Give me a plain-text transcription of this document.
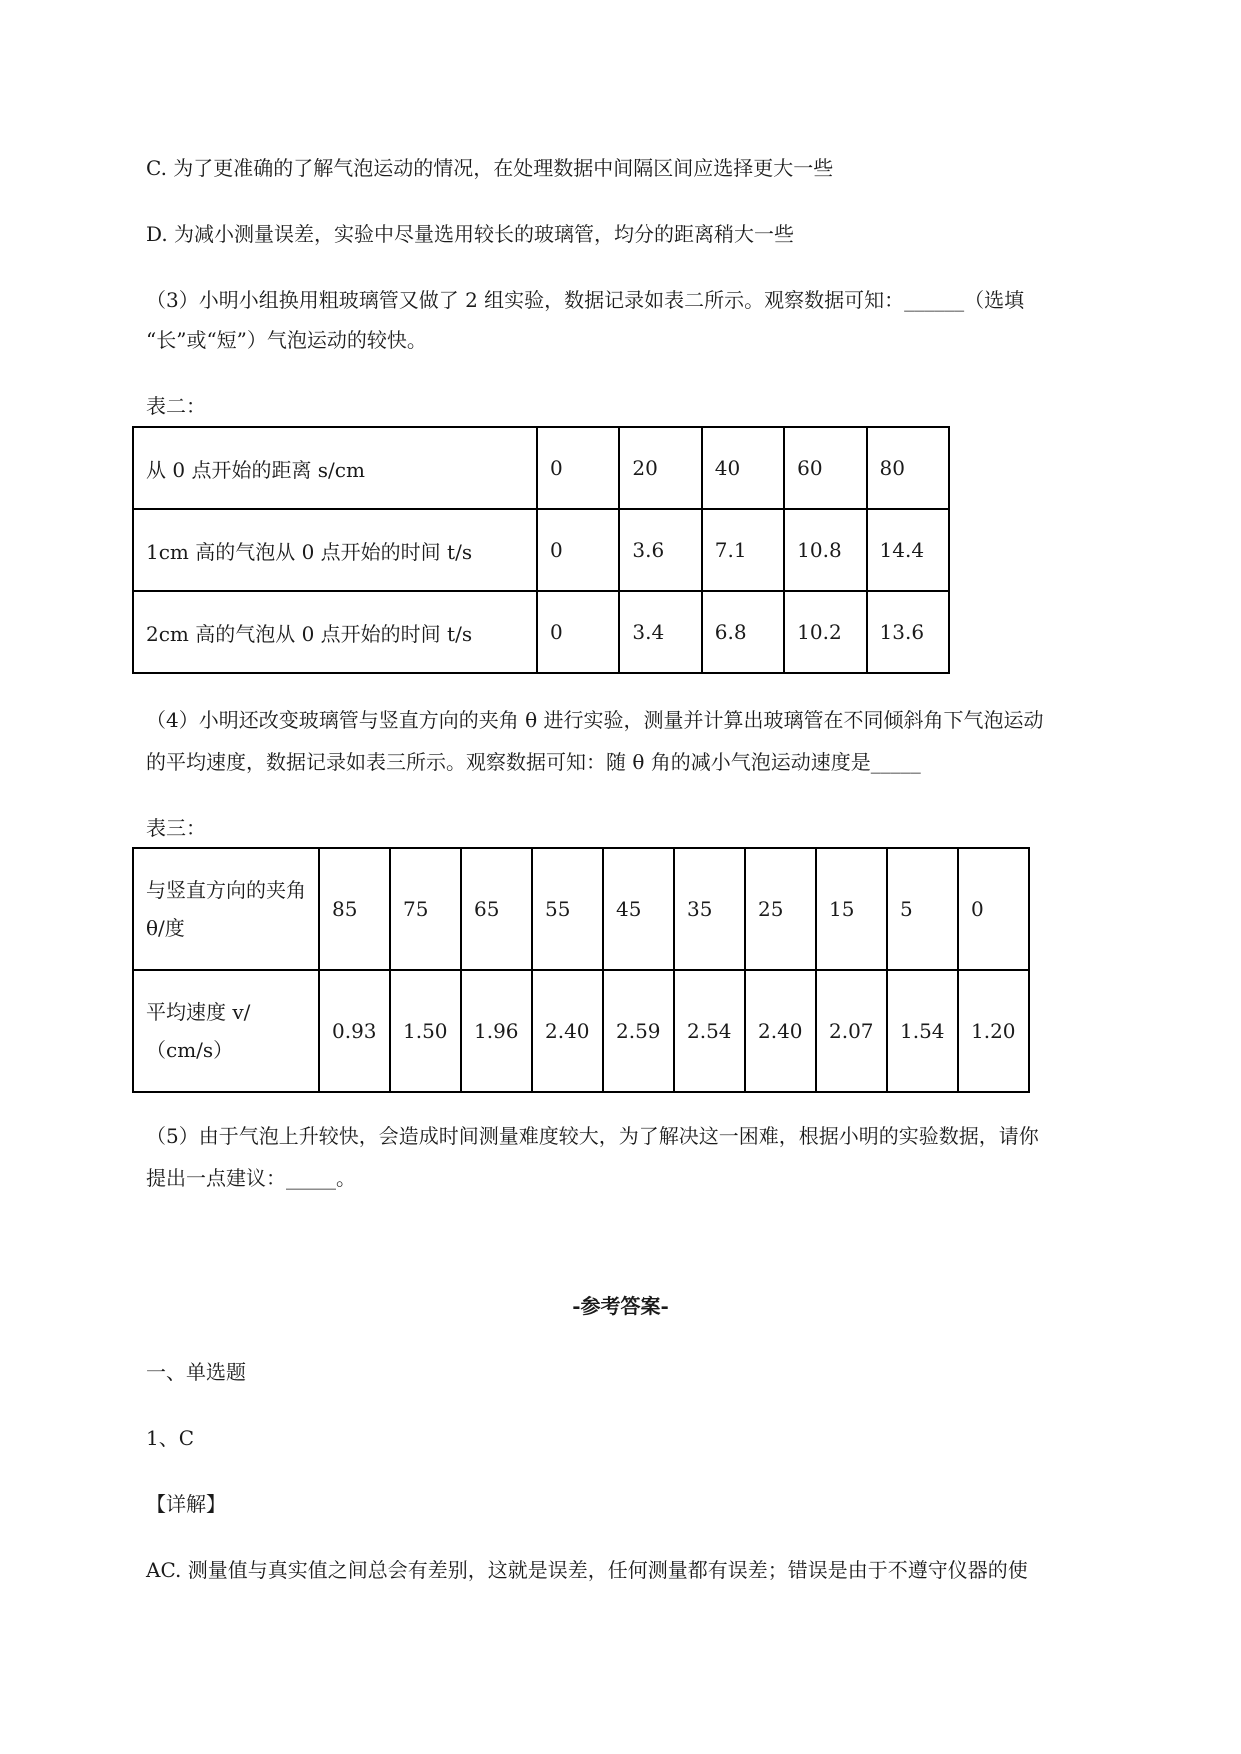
C. 为了更准确的了解气泡运动的情况，在处理数据中间隔区间应选择更大一些
D. 为减小测量误差，实验中尽量选用较长的玻璃管，均分的距离稍大一些
（3）小明小组换用粗玻璃管又做了 2 组实验，数据记录如表二所示。观察数据可知：______（选填
“长”或“短”）气泡运动的较快。
表二：
从 0 点开始的距离 s/cm	0	20	40	60	80
1cm 高的气泡从 0 点开始的时间 t/s	0	3.6	7.1	10.8	14.4
2cm 高的气泡从 0 点开始的时间 t/s	0	3.4	6.8	10.2	13.6
（4）小明还改变玻璃管与竖直方向的夹角 θ 进行实验，测量并计算出玻璃管在不同倾斜角下气泡运动
的平均速度，数据记录如表三所示。观察数据可知：随 θ 角的减小气泡运动速度是_____
表三：
与竖直方向的夹角 θ/度	85	75	65	55	45	35	25	15	5	0
平均速度 v/（cm/s）	0.93	1.50	1.96	2.40	2.59	2.54	2.40	2.07	1.54	1.20
（5）由于气泡上升较快，会造成时间测量难度较大，为了解决这一困难，根据小明的实验数据，请你
提出一点建议：_____。
-参考答案-
一、单选题
1、C
【详解】
AC. 测量值与真实值之间总会有差别，这就是误差，任何测量都有误差；错误是由于不遵守仪器的使
